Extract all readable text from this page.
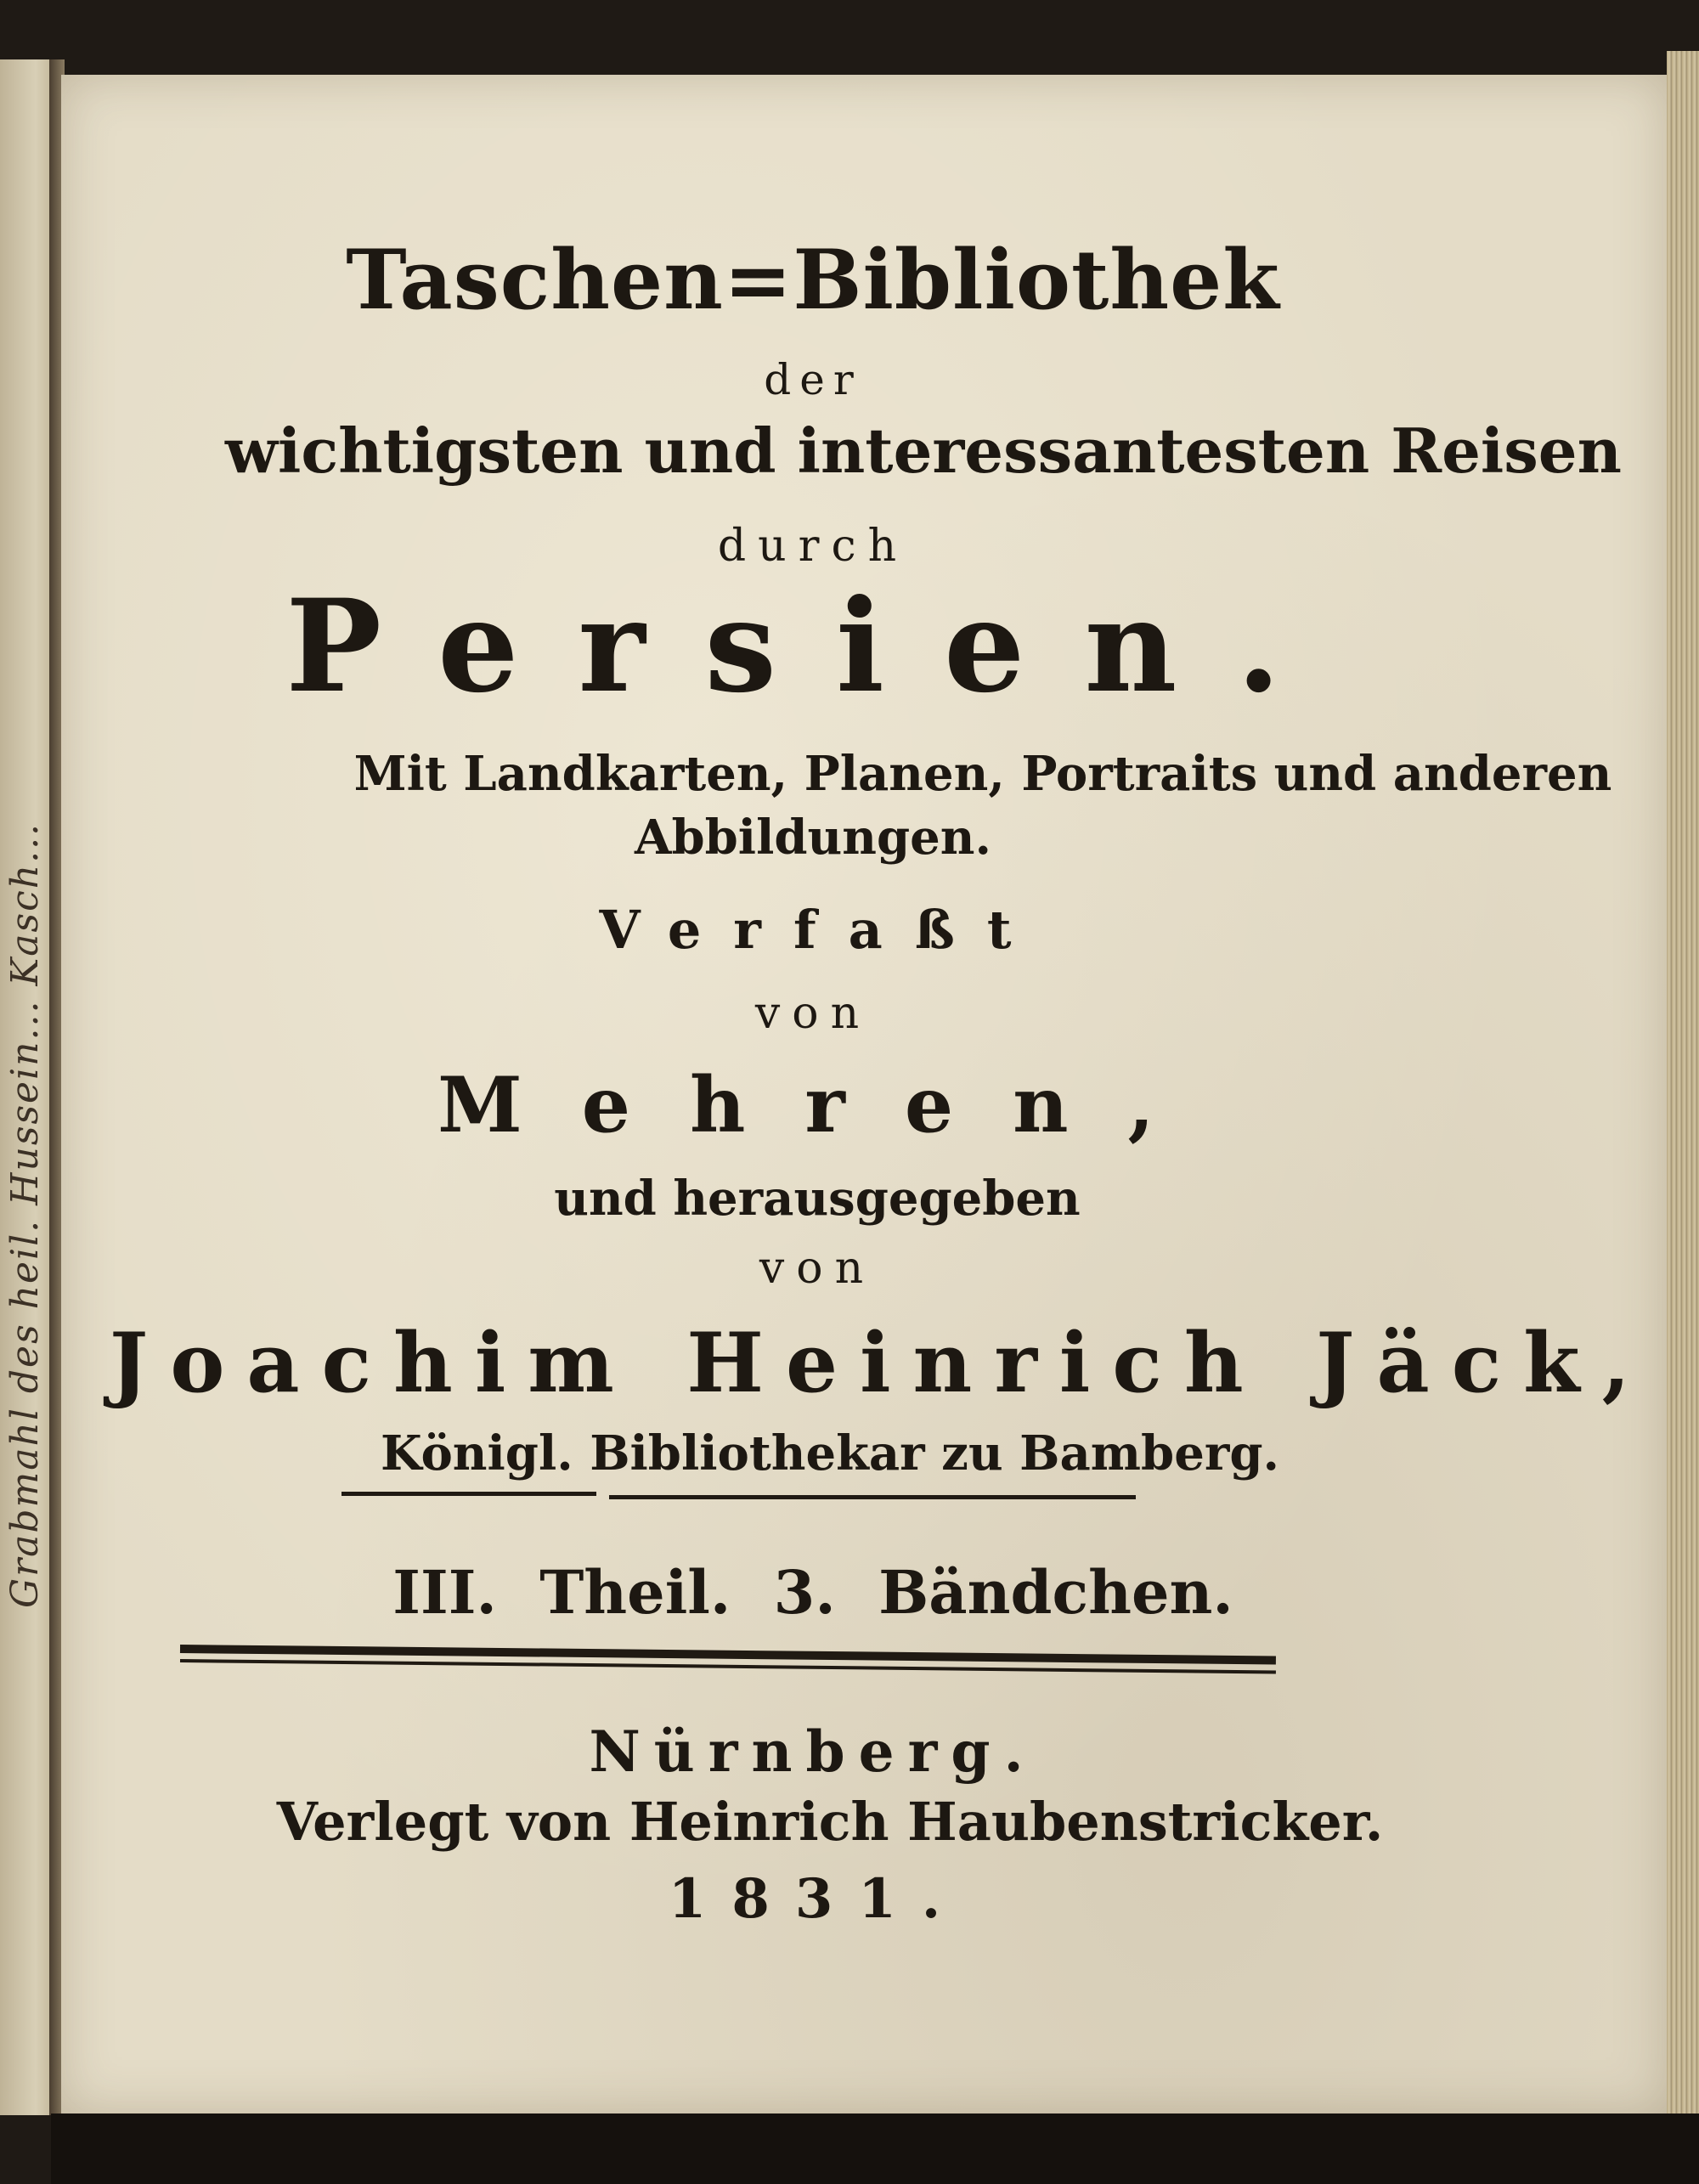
Grabmahl des heil. Hussein... Kasch...
Taschen=Bibliothek
der
wichtigsten und interessantesten Reisen
durch
Persien.
Mit Landkarten, Planen, Portraits und anderen
Abbildungen.
Verfaßt
von
Mehren,
und herausgegeben
von
Joachim Heinrich Jäck,
Königl. Bibliothekar zu Bamberg.
III. Theil. 3. Bändchen.
Nürnberg.
Verlegt von Heinrich Haubenstricker.
1831.
